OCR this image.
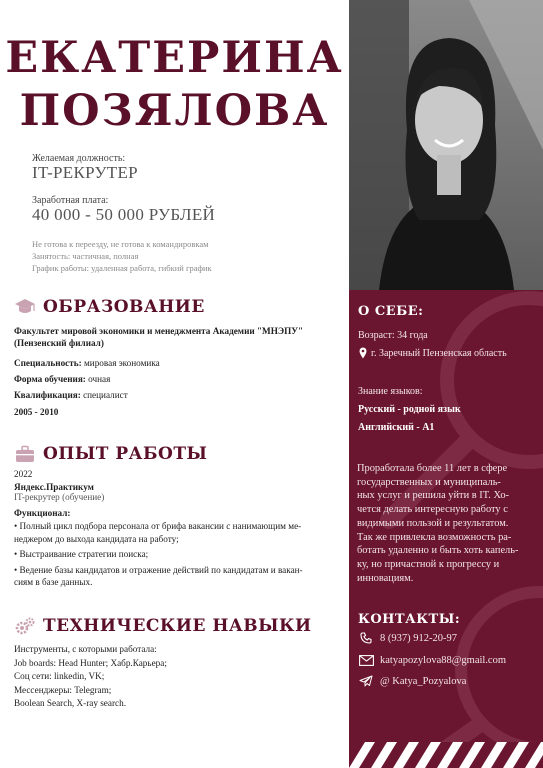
ЕКАТЕРИНА
ПОЗЯЛОВА
Желаемая должность:
IT-РЕКРУТЕР
Заработная плата:
40 000 - 50 000 РУБЛЕЙ
Не готова к переезду, не готова к командировкам
Занятость: частичная, полная
График работы: удаленная работа, гибкий график
ОБРАЗОВАНИЕ
Факультет мировой экономики и менеджмента Академии "МНЭПУ"
(Пензенский филиал)
Специальность: мировая экономика
Форма обучения: очная
Квалификация: специалист
2005 - 2010
ОПЫТ РАБОТЫ
2022
Яндекс.Практикум
IT-рекрутер (обучение)
Функционал:
• Полный цикл подбора персонала от брифа вакансии с нанимающим ме-
неджером до выхода кандидата на работу;
• Выстраивание стратегии поиска;
• Ведение базы кандидатов и отражение действий по кандидатам и вакан-
сиям в базе данных.
ТЕХНИЧЕСКИЕ НАВЫКИ
Инструменты, с которыми работала:
Job boards: Head Hunter; Хабр.Карьера;
Соц сети: linkedin, VK;
Мессенджеры: Telegram;
Boolean Search, X-ray search.
О СЕБЕ:
Возраст: 34 года
г. Заречный Пензенская область
Знание языков:
Русский - родной язык
Английский - А1
Проработала более 11 лет в сфере
государственных и муниципаль-
ных услуг и решила уйти в IT. Хо-
чется делать интересную работу с
видимыми пользой и результатом.
Так же привлекла возможность ра-
ботать удаленно и быть хоть капель-
ку, но причастной к прогрессу и
инновациям.
КОНТАКТЫ:
8 (937) 912-20-97
katyapozylova88@gmail.com
@ Katya_Pozyalova
